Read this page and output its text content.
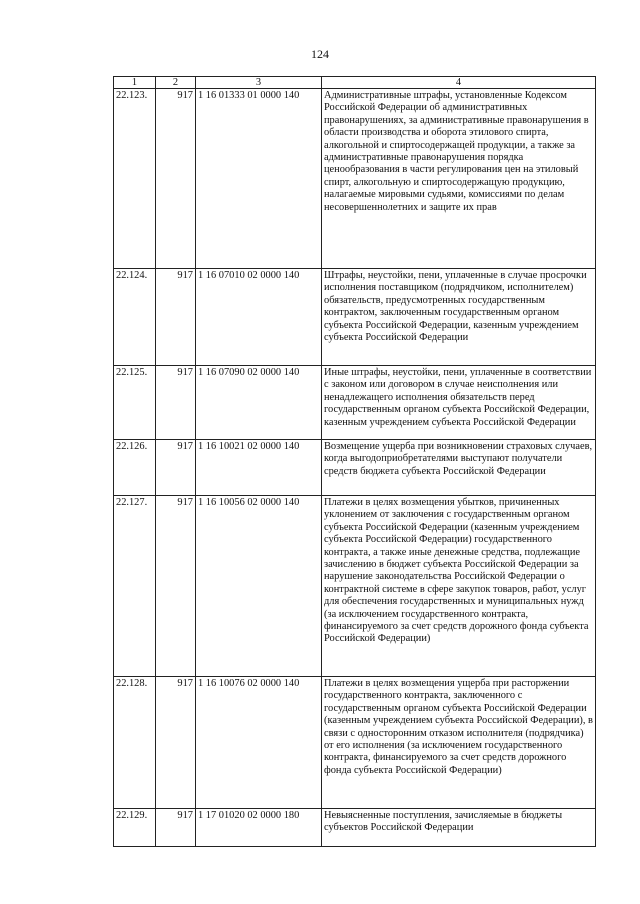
124
1	2	3	4
22.123.	917	1 16 01333 01 0000 140	Административные штрафы, установленные Кодексом Российской Федерации об административных правонарушениях, за административные правонарушения в области производства и оборота этилового спирта, алкогольной и спиртосодержащей продукции, а также за административные правонарушения порядка ценообразования в части регулирования цен на этиловый спирт, алкогольную и спиртосодержащую продукцию, налагаемые мировыми судьями, комиссиями по делам несовершеннолетних и защите их прав
22.124.	917	1 16 07010 02 0000 140	Штрафы, неустойки, пени, уплаченные в случае просрочки исполнения поставщиком (подрядчиком, исполнителем) обязательств, предусмотренных государственным контрактом, заключенным государственным органом субъекта Российской Федерации, казенным учреждением субъекта Российской Федерации
22.125.	917	1 16 07090 02 0000 140	Иные штрафы, неустойки, пени, уплаченные в соответствии с законом или договором в случае неисполнения или ненадлежащего исполнения обязательств перед государственным органом субъекта Российской Федерации, казенным учреждением субъекта Российской Федерации
22.126.	917	1 16 10021 02 0000 140	Возмещение ущерба при возникновении страховых случаев, когда выгодоприобретателями выступают получатели средств бюджета субъекта Российской Федерации
22.127.	917	1 16 10056 02 0000 140	Платежи в целях возмещения убытков, причиненных уклонением от заключения с государственным органом субъекта Российской Федерации (казенным учреждением субъекта Российской Федерации) государственного контракта, а также иные денежные средства, подлежащие зачислению в бюджет субъекта Российской Федерации за нарушение законодательства Российской Федерации о контрактной системе в сфере закупок товаров, работ, услуг для обеспечения государственных и муниципальных нужд (за исключением государственного контракта, финансируемого за счет средств дорожного фонда субъекта Российской Федерации)
22.128.	917	1 16 10076 02 0000 140	Платежи в целях возмещения ущерба при расторжении государственного контракта, заключенного с государственным органом субъекта Российской Федерации (казенным учреждением субъекта Российской Федерации), в связи с односторонним отказом исполнителя (подрядчика) от его исполнения (за исключением государственного контракта, финансируемого за счет средств дорожного фонда субъекта Российской Федерации)
22.129.	917	1 17 01020 02 0000 180	Невыясненные поступления, зачисляемые в бюджеты субъектов Российской Федерации
